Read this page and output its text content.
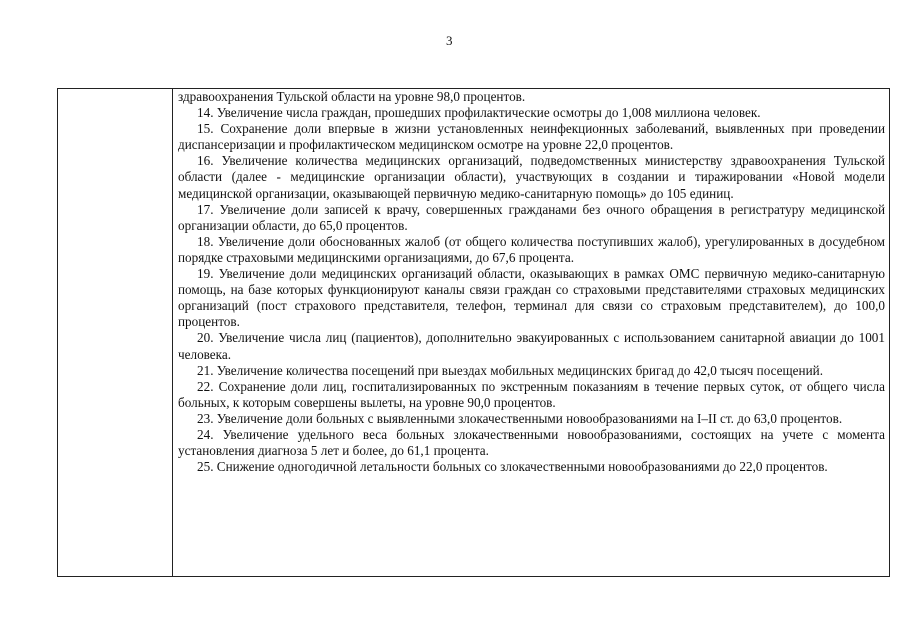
3

здравоохранения Тульской области на уровне 98,0 процентов.

14. Увеличение числа граждан, прошедших профилактические осмотры до 1,008 миллиона человек.

15. Сохранение доли впервые в жизни установленных неинфекционных заболеваний, выявленных при проведении диспансеризации и профилактическом медицинском осмотре на уровне 22,0 процентов.

16. Увеличение количества медицинских организаций, подведомственных министерству здравоохранения Тульской области (далее - медицинские организации области), участвующих в создании и тиражировании «Новой модели медицинской организации, оказывающей первичную медико-санитарную помощь» до 105 единиц.

17. Увеличение доли записей к врачу, совершенных гражданами без очного обращения в регистратуру медицинской организации области, до 65,0 процентов.

18. Увеличение доли обоснованных жалоб (от общего количества поступивших жалоб), урегулированных в досудебном порядке страховыми медицинскими организациями, до 67,6 процента.

19. Увеличение доли медицинских организаций области, оказывающих в рамках ОМС первичную медико-санитарную помощь, на базе которых функционируют каналы связи граждан со страховыми представителями страховых медицинских организаций (пост страхового представителя, телефон, терминал для связи со страховым представителем), до 100,0 процентов.

20. Увеличение числа лиц (пациентов), дополнительно эвакуированных с использованием санитарной авиации до 1001 человека.

21. Увеличение количества посещений при выездах мобильных медицинских бригад до 42,0 тысяч посещений.

22. Сохранение доли лиц, госпитализированных по экстренным показаниям в течение первых суток, от общего числа больных, к которым совершены вылеты, на уровне 90,0 процентов.

23. Увеличение доли больных с выявленными злокачественными новообразованиями на I–II ст. до 63,0 процентов.

24. Увеличение удельного веса больных злокачественными новообразованиями, состоящих на учете с момента установления диагноза 5 лет и более, до 61,1 процента.

25. Снижение одногодичной летальности больных со злокачественными новообразованиями до 22,0 процентов.
